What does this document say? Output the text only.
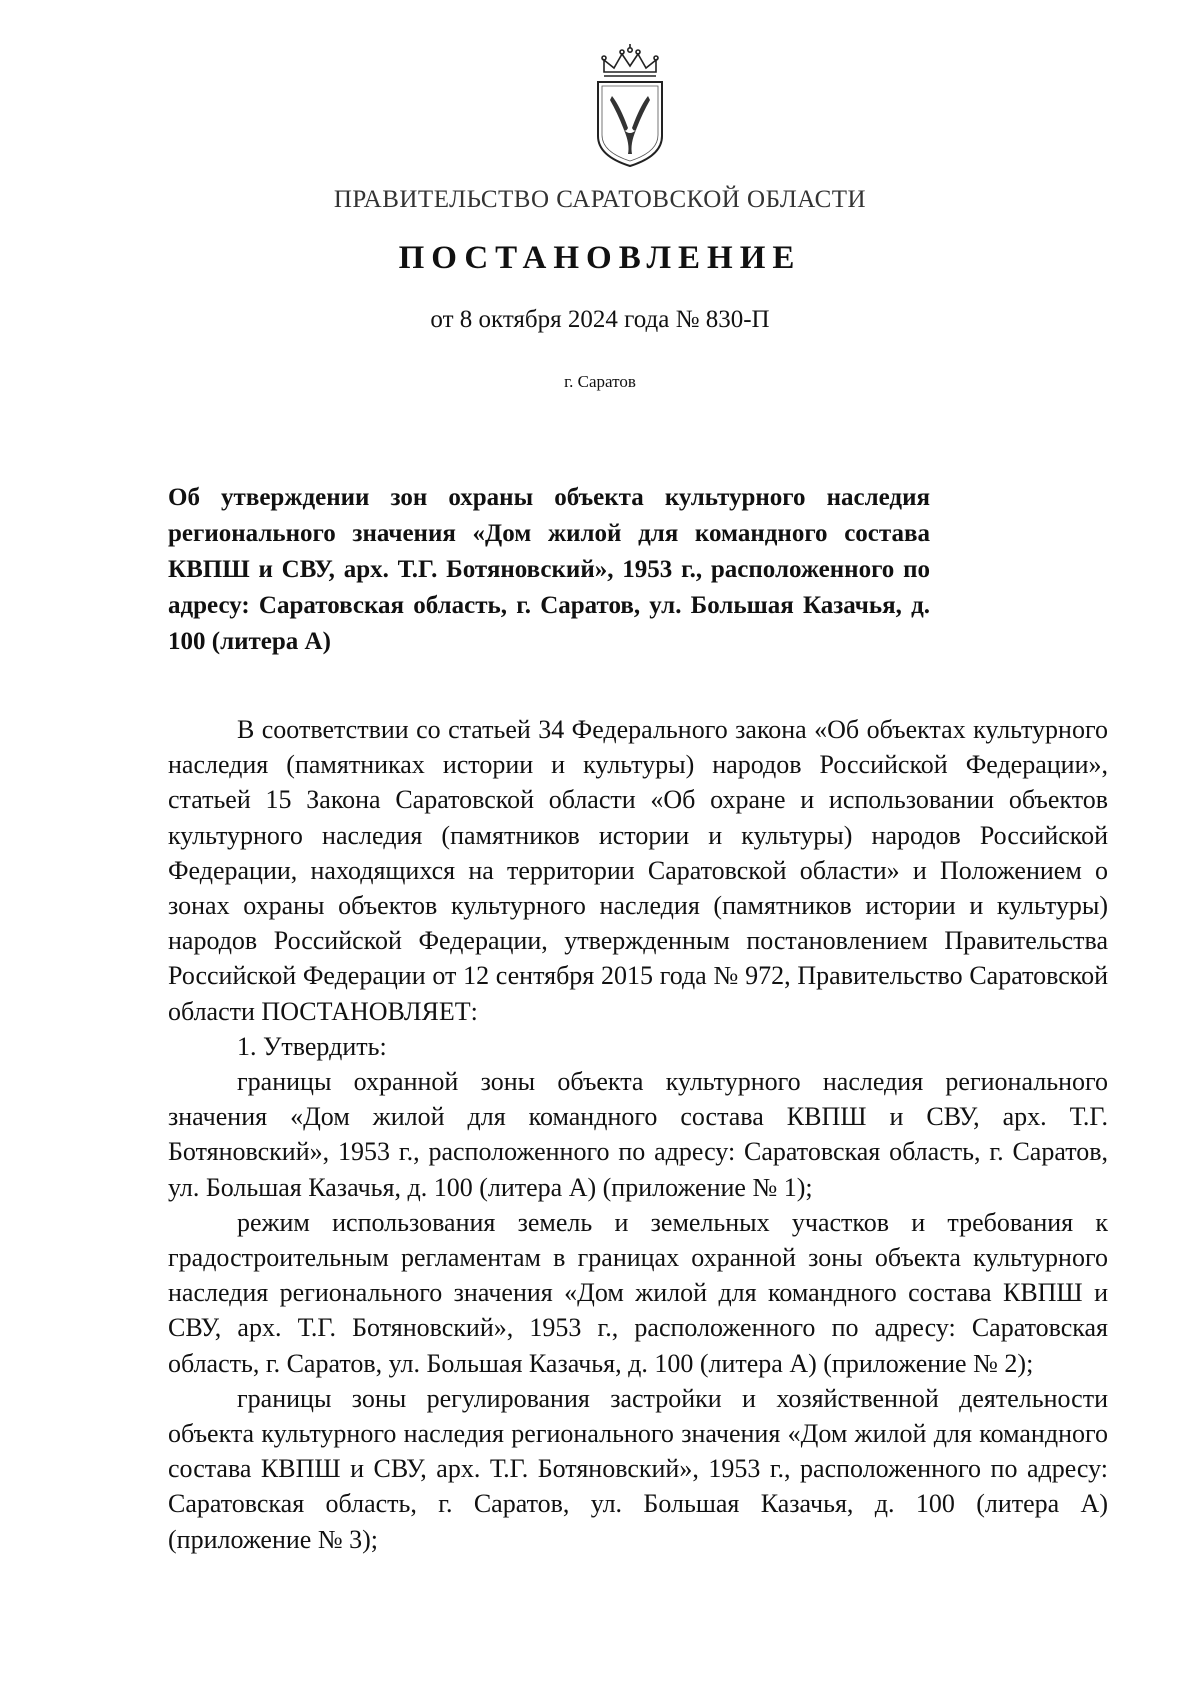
ПРАВИТЕЛЬСТВО САРАТОВСКОЙ ОБЛАСТИ
ПОСТАНОВЛЕНИЕ
от 8 октября 2024 года № 830-П
г. Саратов
Об утверждении зон охраны объекта культурного наследия регионального значения «Дом жилой для командного состава КВПШ и СВУ, арх. Т.Г. Ботяновский», 1953 г., расположенного по адресу: Саратовская область, г. Саратов, ул. Большая Казачья, д. 100 (литера А)

В соответствии со статьей 34 Федерального закона «Об объектах культурного наследия (памятниках истории и культуры) народов Российской Федерации», статьей 15 Закона Саратовской области «Об охране и использовании объектов культурного наследия (памятников истории и культуры) народов Российской Федерации, находящихся на территории Саратовской области» и Положением о зонах охраны объектов культурного наследия (памятников истории и культуры) народов Российской Федерации, утвержденным постановлением Правительства Российской Федерации от 12 сентября 2015 года № 972, Правительство Саратовской области ПОСТАНОВЛЯЕТ:

1. Утвердить:

границы охранной зоны объекта культурного наследия регионального значения «Дом жилой для командного состава КВПШ и СВУ, арх. Т.Г. Ботяновский», 1953 г., расположенного по адресу: Саратовская область, г. Саратов, ул. Большая Казачья, д. 100 (литера А) (приложение № 1);

режим использования земель и земельных участков и требования к градостроительным регламентам в границах охранной зоны объекта культурного наследия регионального значения «Дом жилой для командного состава КВПШ и СВУ, арх. Т.Г. Ботяновский», 1953 г., расположенного по адресу: Саратовская область, г. Саратов, ул. Большая Казачья, д. 100 (литера А) (приложение № 2);

границы зоны регулирования застройки и хозяйственной деятельности объекта культурного наследия регионального значения «Дом жилой для командного состава КВПШ и СВУ, арх. Т.Г. Ботяновский», 1953 г., расположенного по адресу: Саратовская область, г. Саратов, ул. Большая Казачья, д. 100 (литера А) (приложение № 3);
